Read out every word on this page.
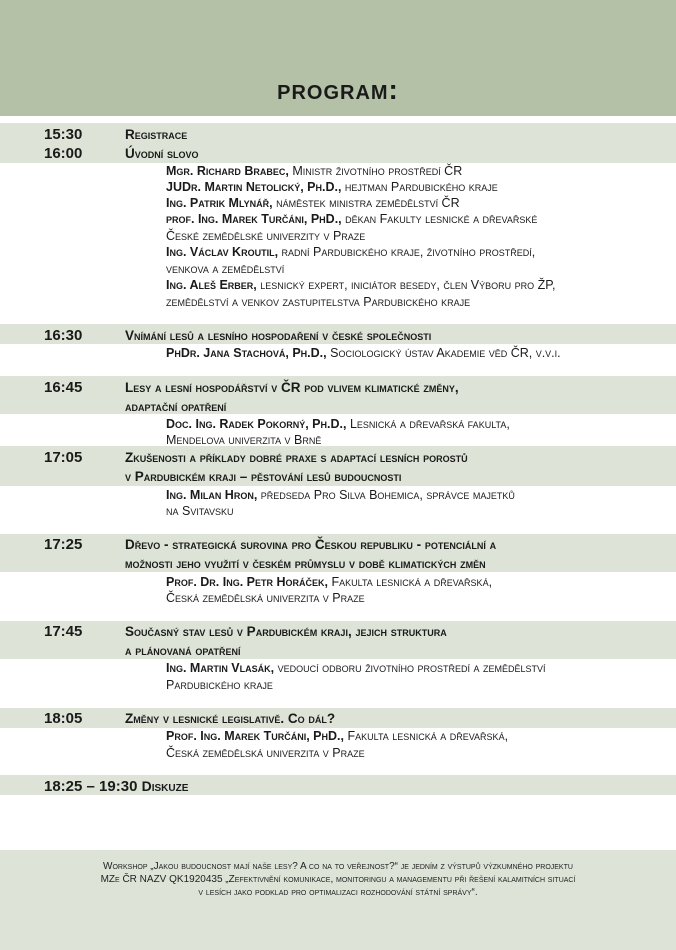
program:
15:30	Registrace
16:00	Úvodní slovo
Mgr. Richard Brabec, Ministr životního prostředí ČR
JUDr. Martin Netolický, Ph.D., hejtman Pardubického kraje
Ing. Patrik Mlynář, náměstek ministra zemědělství ČR
prof. Ing. Marek Turčáni, PhD., děkan Fakulty lesnické a dřevařské
České zemědělské univerzity v Praze
Ing. Václav Kroutil, radní Pardubického kraje, životního prostředí,
venkova a zemědělství
Ing. Aleš Erber, lesnický expert, iniciátor besedy, člen Výboru pro ŽP,
zemědělství a venkov zastupitelstva Pardubického kraje
16:30	Vnímání lesů a lesního hospodaření v české společnosti
PhDr. Jana Stachová, Ph.D., Sociologický ústav Akademie věd ČR, v.v.i.
16:45	Lesy a lesní hospodářství v ČR pod vlivem klimatické změny,
adaptační opatření
Doc. Ing. Radek Pokorný, Ph.D., Lesnická a dřevařská fakulta,
Mendelova univerzita v Brně
17:05	Zkušenosti a příklady dobré praxe s adaptací lesních porostů
v Pardubickém kraji – pěstování lesů budoucnosti
Ing. Milan Hron, předseda Pro Silva Bohemica, správce majetků
na Svitavsku
17:25	Dřevo - strategická surovina pro Českou republiku - potenciální a
možnosti jeho využití v českém průmyslu v době klimatických změn
Prof. Dr. Ing. Petr Horáček, Fakulta lesnická a dřevařská,
Česká zemědělská univerzita v Praze
17:45	Současný stav lesů v Pardubickém kraji, jejich struktura
a plánovaná opatření
Ing. Martin Vlasák, vedoucí odboru životního prostředí a zemědělství
Pardubického kraje
18:05	Změny v lesnické legislativě. Co dál?
Prof. Ing. Marek Turčáni, PhD., Fakulta lesnická a dřevařská,
Česká zemědělská univerzita v Praze
18:25 – 19:30 Diskuze
Workshop „Jakou budoucnost mají naše lesy? A co na to veřejnost?“ je jedním z výstupů výzkumného projektu
MZe ČR NAZV QK1920435 „Zefektivnění komunikace, monitoringu a managementu při řešení kalamitních situací
v lesích jako podklad pro optimalizaci rozhodování státní správy“.
